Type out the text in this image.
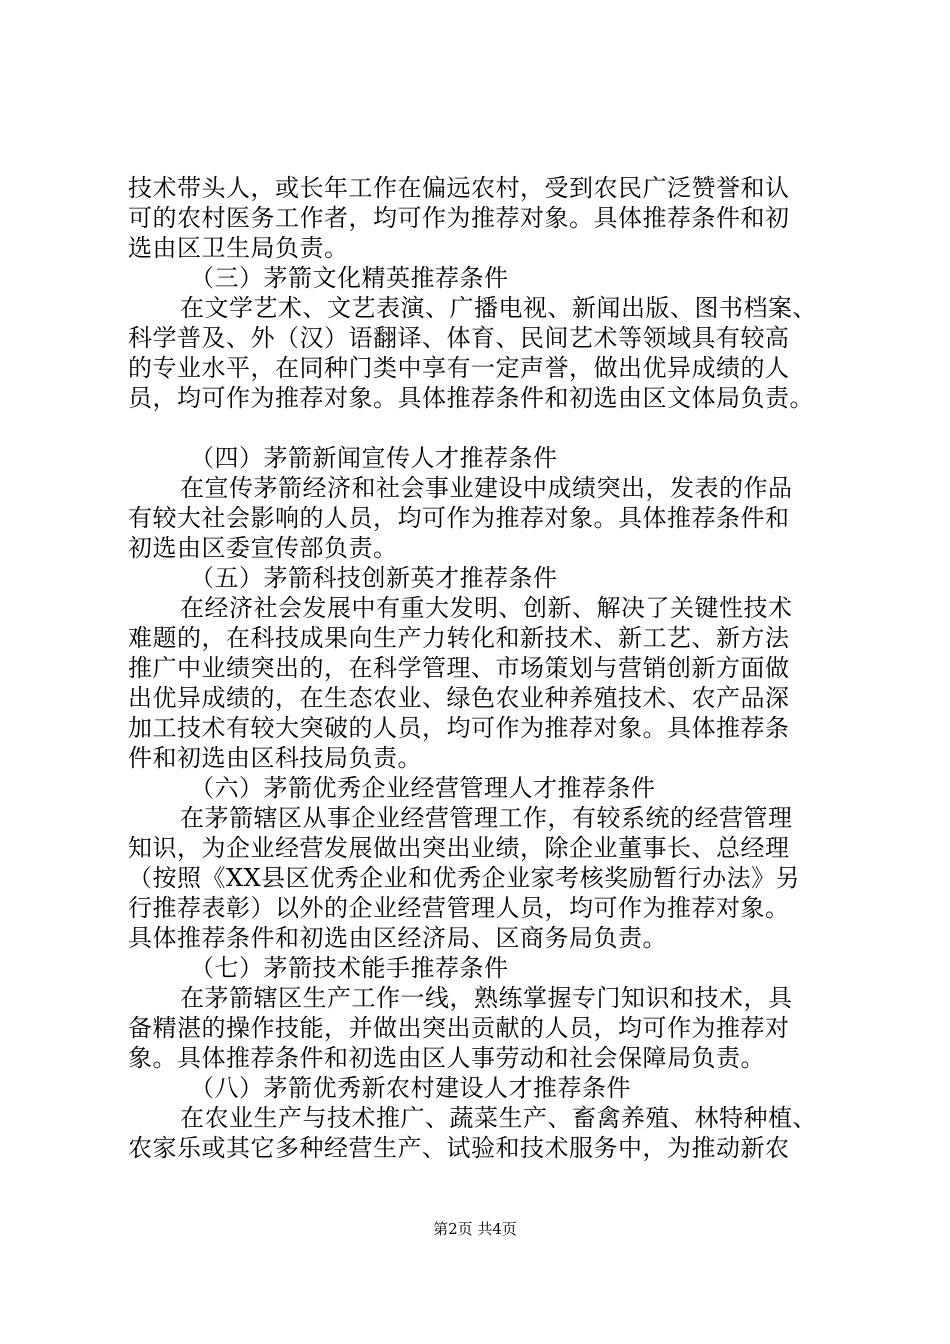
技术带头人，或长年工作在偏远农村，受到农民广泛赞誉和认
可的农村医务工作者，均可作为推荐对象。具体推荐条件和初
选由区卫生局负责。
（三）茅箭文化精英推荐条件
在文学艺术、文艺表演、广播电视、新闻出版、图书档案、
科学普及、外（汉）语翻译、体育、民间艺术等领域具有较高
的专业水平，在同种门类中享有一定声誉，做出优异成绩的人
员，均可作为推荐对象。具体推荐条件和初选由区文体局负责。
（四）茅箭新闻宣传人才推荐条件
在宣传茅箭经济和社会事业建设中成绩突出，发表的作品
有较大社会影响的人员，均可作为推荐对象。具体推荐条件和
初选由区委宣传部负责。
（五）茅箭科技创新英才推荐条件
在经济社会发展中有重大发明、创新、解决了关键性技术
难题的，在科技成果向生产力转化和新技术、新工艺、新方法
推广中业绩突出的，在科学管理、市场策划与营销创新方面做
出优异成绩的，在生态农业、绿色农业种养殖技术、农产品深
加工技术有较大突破的人员，均可作为推荐对象。具体推荐条
件和初选由区科技局负责。
（六）茅箭优秀企业经营管理人才推荐条件
在茅箭辖区从事企业经营管理工作，有较系统的经营管理
知识，为企业经营发展做出突出业绩，除企业董事长、总经理
（按照《XX县区优秀企业和优秀企业家考核奖励暂行办法》另
行推荐表彰）以外的企业经营管理人员，均可作为推荐对象。
具体推荐条件和初选由区经济局、区商务局负责。
（七）茅箭技术能手推荐条件
在茅箭辖区生产工作一线，熟练掌握专门知识和技术，具
备精湛的操作技能，并做出突出贡献的人员，均可作为推荐对
象。具体推荐条件和初选由区人事劳动和社会保障局负责。
（八）茅箭优秀新农村建设人才推荐条件
在农业生产与技术推广、蔬菜生产、畜禽养殖、林特种植、
农家乐或其它多种经营生产、试验和技术服务中，为推动新农
第2页 共4页
